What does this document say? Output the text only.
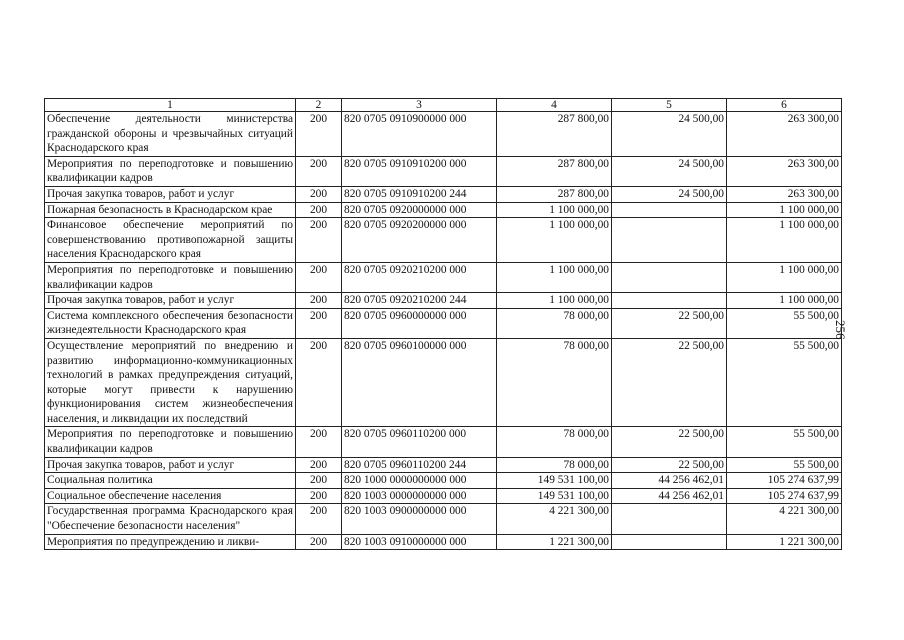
1	2	3	4	5	6
Обеспечение деятельности министерства гражданской обороны и чрезвычайных ситуаций Краснодарского края	200	820 0705 0910900000 000	287 800,00	24 500,00	263 300,00
Мероприятия по переподготовке и повышению квалификации кадров	200	820 0705 0910910200 000	287 800,00	24 500,00	263 300,00
Прочая закупка товаров, работ и услуг	200	820 0705 0910910200 244	287 800,00	24 500,00	263 300,00
Пожарная безопасность в Краснодарском крае	200	820 0705 0920000000 000	1 100 000,00		1 100 000,00
Финансовое обеспечение мероприятий по совершенствованию противопожарной защиты населения Краснодарского края	200	820 0705 0920200000 000	1 100 000,00		1 100 000,00
Мероприятия по переподготовке и повышению квалификации кадров	200	820 0705 0920210200 000	1 100 000,00		1 100 000,00
Прочая закупка товаров, работ и услуг	200	820 0705 0920210200 244	1 100 000,00		1 100 000,00
Система комплексного обеспечения безопасности жизнедеятельности Краснодарского края	200	820 0705 0960000000 000	78 000,00	22 500,00	55 500,00
Осуществление мероприятий по внедрению и развитию информационно-коммуникационных технологий в рамках предупреждения ситуаций, которые могут привести к нарушению функционирования систем жизнеобеспечения населения, и ликвидации их последствий	200	820 0705 0960100000 000	78 000,00	22 500,00	55 500,00
Мероприятия по переподготовке и повышению квалификации кадров	200	820 0705 0960110200 000	78 000,00	22 500,00	55 500,00
Прочая закупка товаров, работ и услуг	200	820 0705 0960110200 244	78 000,00	22 500,00	55 500,00
Социальная политика	200	820 1000 0000000000 000	149 531 100,00	44 256 462,01	105 274 637,99
Социальное обеспечение населения	200	820 1003 0000000000 000	149 531 100,00	44 256 462,01	105 274 637,99
Государственная программа Краснодарского края "Обеспечение безопасности населения"	200	820 1003 0900000000 000	4 221 300,00		4 221 300,00
Мероприятия по предупреждению и ликви-	200	820 1003 0910000000 000	1 221 300,00		1 221 300,00
256
